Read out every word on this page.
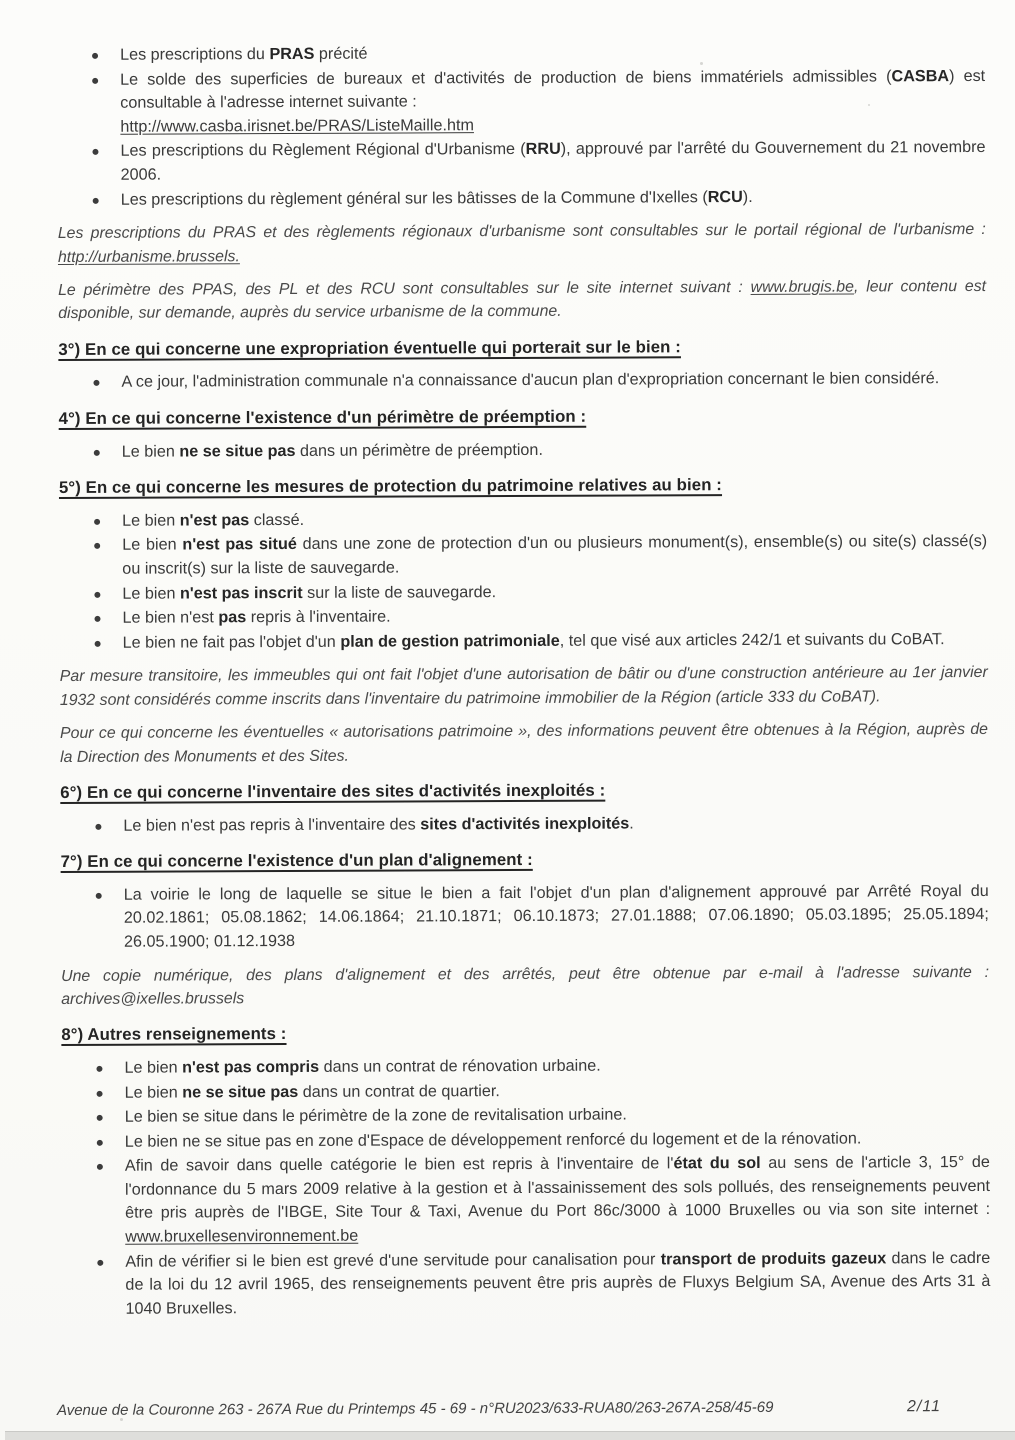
Les prescriptions du PRAS précité
Le solde des superficies de bureaux et d'activités de production de biens immatériels admissibles (CASBA) est consultable à l'adresse internet suivante :
http://www.casba.irisnet.be/PRAS/ListeMaille.htm
Les prescriptions du Règlement Régional d'Urbanisme (RRU), approuvé par l'arrêté du Gouvernement du 21 novembre 2006.
Les prescriptions du règlement général sur les bâtisses de la Commune d'Ixelles (RCU).

Les prescriptions du PRAS et des règlements régionaux d'urbanisme sont consultables sur le portail régional de l'urbanisme : http://urbanisme.brussels.

Le périmètre des PPAS, des PL et des RCU sont consultables sur le site internet suivant : www.brugis.be, leur contenu est disponible, sur demande, auprès du service urbanisme de la commune.

3°) En ce qui concerne une expropriation éventuelle qui porterait sur le bien :
A ce jour, l'administration communale n'a connaissance d'aucun plan d'expropriation concernant le bien considéré.
4°) En ce qui concerne l'existence d'un périmètre de préemption :
Le bien ne se situe pas dans un périmètre de préemption.
5°) En ce qui concerne les mesures de protection du patrimoine relatives au bien :
Le bien n'est pas classé.
Le bien n'est pas situé dans une zone de protection d'un ou plusieurs monument(s), ensemble(s) ou site(s) classé(s) ou inscrit(s) sur la liste de sauvegarde.
Le bien n'est pas inscrit sur la liste de sauvegarde.
Le bien n'est pas repris à l'inventaire.
Le bien ne fait pas l'objet d'un plan de gestion patrimoniale, tel que visé aux articles 242/1 et suivants du CoBAT.

Par mesure transitoire, les immeubles qui ont fait l'objet d'une autorisation de bâtir ou d'une construction antérieure au 1er janvier 1932 sont considérés comme inscrits dans l'inventaire du patrimoine immobilier de la Région (article 333 du CoBAT).

Pour ce qui concerne les éventuelles « autorisations patrimoine », des informations peuvent être obtenues à la Région, auprès de la Direction des Monuments et des Sites.

6°) En ce qui concerne l'inventaire des sites d'activités inexploités :
Le bien n'est pas repris à l'inventaire des sites d'activités inexploités.
7°) En ce qui concerne l'existence d'un plan d'alignement :
La voirie le long de laquelle se situe le bien a fait l'objet d'un plan d'alignement approuvé par Arrêté Royal du 20.02.1861; 05.08.1862; 14.06.1864; 21.10.1871; 06.10.1873; 27.01.1888; 07.06.1890; 05.03.1895; 25.05.1894; 26.05.1900; 01.12.1938

Une copie numérique, des plans d'alignement et des arrêtés, peut être obtenue par e-mail à l'adresse suivante : archives@ixelles.brussels

8°) Autres renseignements :
Le bien n'est pas compris dans un contrat de rénovation urbaine.
Le bien ne se situe pas dans un contrat de quartier.
Le bien se situe dans le périmètre de la zone de revitalisation urbaine.
Le bien ne se situe pas en zone d'Espace de développement renforcé du logement et de la rénovation.
Afin de savoir dans quelle catégorie le bien est repris à l'inventaire de l'état du sol au sens de l'article 3, 15° de l'ordonnance du 5 mars 2009 relative à la gestion et à l'assainissement des sols pollués, des renseignements peuvent être pris auprès de l'IBGE, Site Tour & Taxi, Avenue du Port 86c/3000 à 1000 Bruxelles ou via son site internet : www.bruxellesenvironnement.be
Afin de vérifier si le bien est grevé d'une servitude pour canalisation pour transport de produits gazeux dans le cadre de la loi du 12 avril 1965, des renseignements peuvent être pris auprès de Fluxys Belgium SA, Avenue des Arts 31 à 1040 Bruxelles.
Avenue de la Couronne 263 - 267A Rue du Printemps 45 - 69 - n°RU2023/633-RUA80/263-267A-258/45-69	2/11
